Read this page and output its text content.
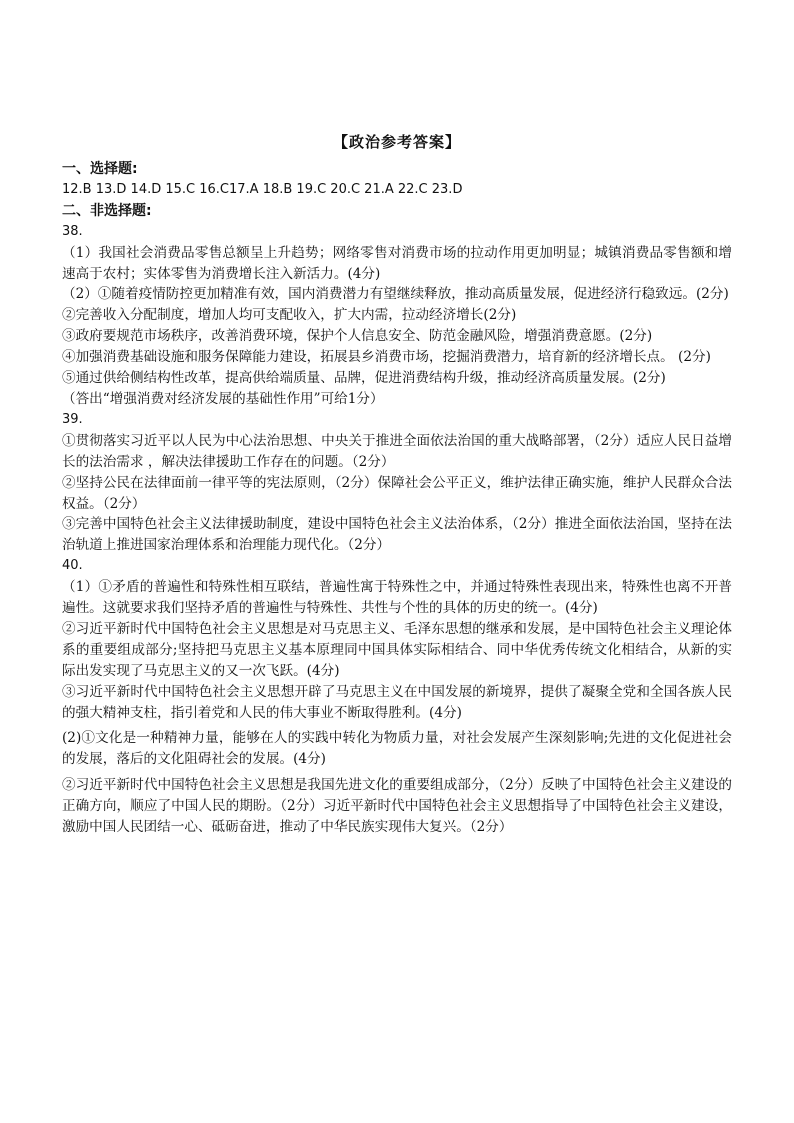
【政治参考答案】
一、选择题:
12.B 13.D 14.D 15.C 16.C17.A 18.B 19.C 20.C 21.A 22.C 23.D
二、非选择题:
38.
（1）我国社会消费品零售总额呈上升趋势；网络零售对消费市场的拉动作用更加明显；城镇消费品零售额和增速高于农村；实体零售为消费增长注入新活力。(4分)
（2）①随着疫情防控更加精准有效，国内消费潜力有望继续释放，推动高质量发展，促进经济行稳致远。(2分)
②完善收入分配制度，增加人均可支配收入，扩大内需，拉动经济增长(2分)
③政府要规范市场秩序，改善消费环境，保护个人信息安全、防范金融风险，增强消费意愿。(2分)
④加强消费基础设施和服务保障能力建设，拓展县乡消费市场，挖掘消费潜力，培育新的经济增长点。 (2分)
⑤通过供给侧结构性改革，提高供给端质量、品牌，促进消费结构升级，推动经济高质量发展。(2分)
（答出“增强消费对经济发展的基础性作用”可给1分）
39.
①贯彻落实习近平以人民为中心法治思想、中央关于推进全面依法治国的重大战略部署，（2分）适应人民日益增长的法治需求 ，解决法律援助工作存在的问题。（2分）
②坚持公民在法律面前一律平等的宪法原则，（2分）保障社会公平正义，维护法律正确实施，维护人民群众合法权益。（2分）
③完善中国特色社会主义法律援助制度，建设中国特色社会主义法治体系，（2分）推进全面依法治国，坚持在法治轨道上推进国家治理体系和治理能力现代化。（2分）
40.
（1）①矛盾的普遍性和特殊性相互联结，普遍性寓于特殊性之中，并通过特殊性表现出来，特殊性也离不开普遍性。这就要求我们坚持矛盾的普遍性与特殊性、共性与个性的具体的历史的统一。(4分)
②习近平新时代中国特色社会主义思想是对马克思主义、毛泽东思想的继承和发展，是中国特色社会主义理论体系的重要组成部分;坚持把马克思主义基本原理同中国具体实际相结合、同中华优秀传统文化相结合，从新的实际出发实现了马克思主义的又一次飞跃。(4分)
③习近平新时代中国特色社会主义思想开辟了马克思主义在中国发展的新境界，提供了凝聚全党和全国各族人民的强大精神支柱，指引着党和人民的伟大事业不断取得胜利。(4分)
(2)①文化是一种精神力量，能够在人的实践中转化为物质力量，对社会发展产生深刻影响;先进的文化促进社会的发展，落后的文化阻碍社会的发展。(4分)
②习近平新时代中国特色社会主义思想是我国先进文化的重要组成部分，（2分）反映了中国特色社会主义建设的正确方向，顺应了中国人民的期盼。（2分）习近平新时代中国特色社会主义思想指导了中国特色社会主义建设，激励中国人民团结一心、砥砺奋进，推动了中华民族实现伟大复兴。（2分）
